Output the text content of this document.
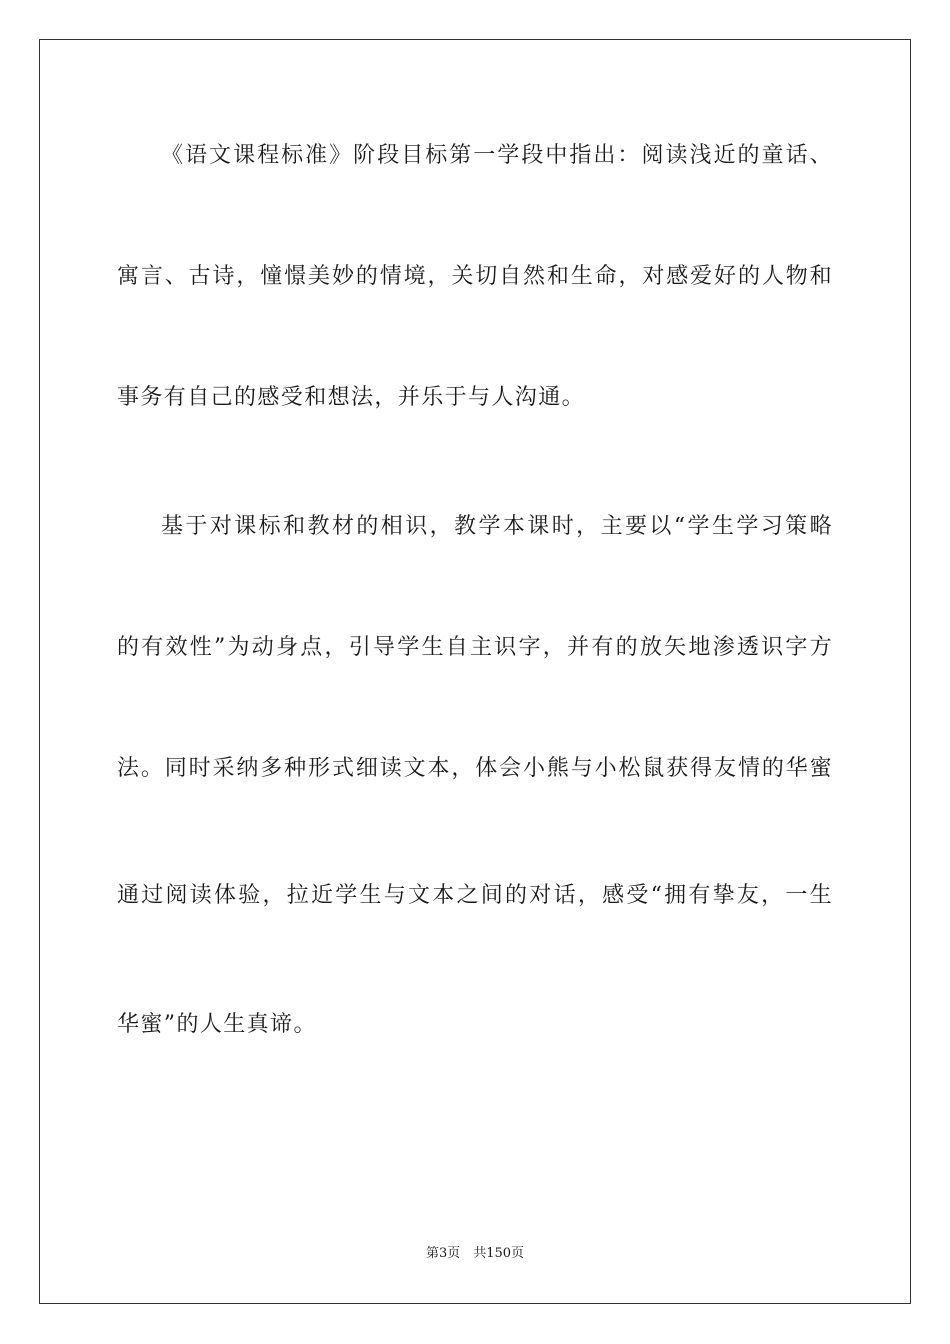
《语文课程标准》阶段目标第一学段中指出：阅读浅近的童话、
寓言、古诗，憧憬美妙的情境，关切自然和生命，对感爱好的人物和
事务有自己的感受和想法，并乐于与人沟通。
基于对课标和教材的相识，教学本课时，主要以“学生学习策略
的有效性”为动身点，引导学生自主识字，并有的放矢地渗透识字方
法。同时采纳多种形式细读文本，体会小熊与小松鼠获得友情的华蜜
通过阅读体验，拉近学生与文本之间的对话，感受“拥有挚友，一生
华蜜”的人生真谛。
第3页　共150页
